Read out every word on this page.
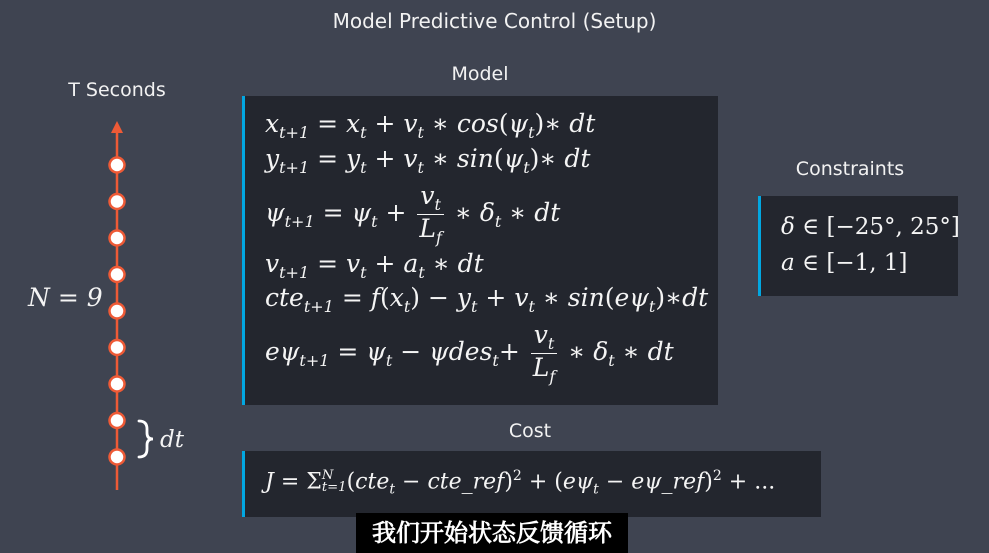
Model Predictive Control (Setup)
T Seconds
N = 9
dt
Model
$x_{t+1} = x_t + v_t$ ∗ $\cos(\psi_t)∗$ dt
$y_{t+1} = y_t + v_t$ ∗ $\sin(\psi_t)∗$ dt
$\psi_{t+1} = \psi_t + \frac{v_t}{L_f}$ ∗ $\delta_t$ ∗ dt
$v_{t+1} = v_t + a_t$ ∗ dt
$cte_{t+1} = f(x_t) - y_t + v_t$ ∗ $\sin(e\psi_t)∗dt$
$e\psi_{t+1} = \psi_t - \psi des_t+ \frac{v_t}{L_f}$ ∗ $\delta_t$ ∗ dt
Constraints
δ ∈ [−25°, 25°]
a ∈ [−1, 1]
Cost
J = Σ N
t=1 (cte$_t$ − cte_ref)$^2$ + ($e\psi_t$ − eψ_ref)$^2$ + ...
我们开始状态反馈循环
